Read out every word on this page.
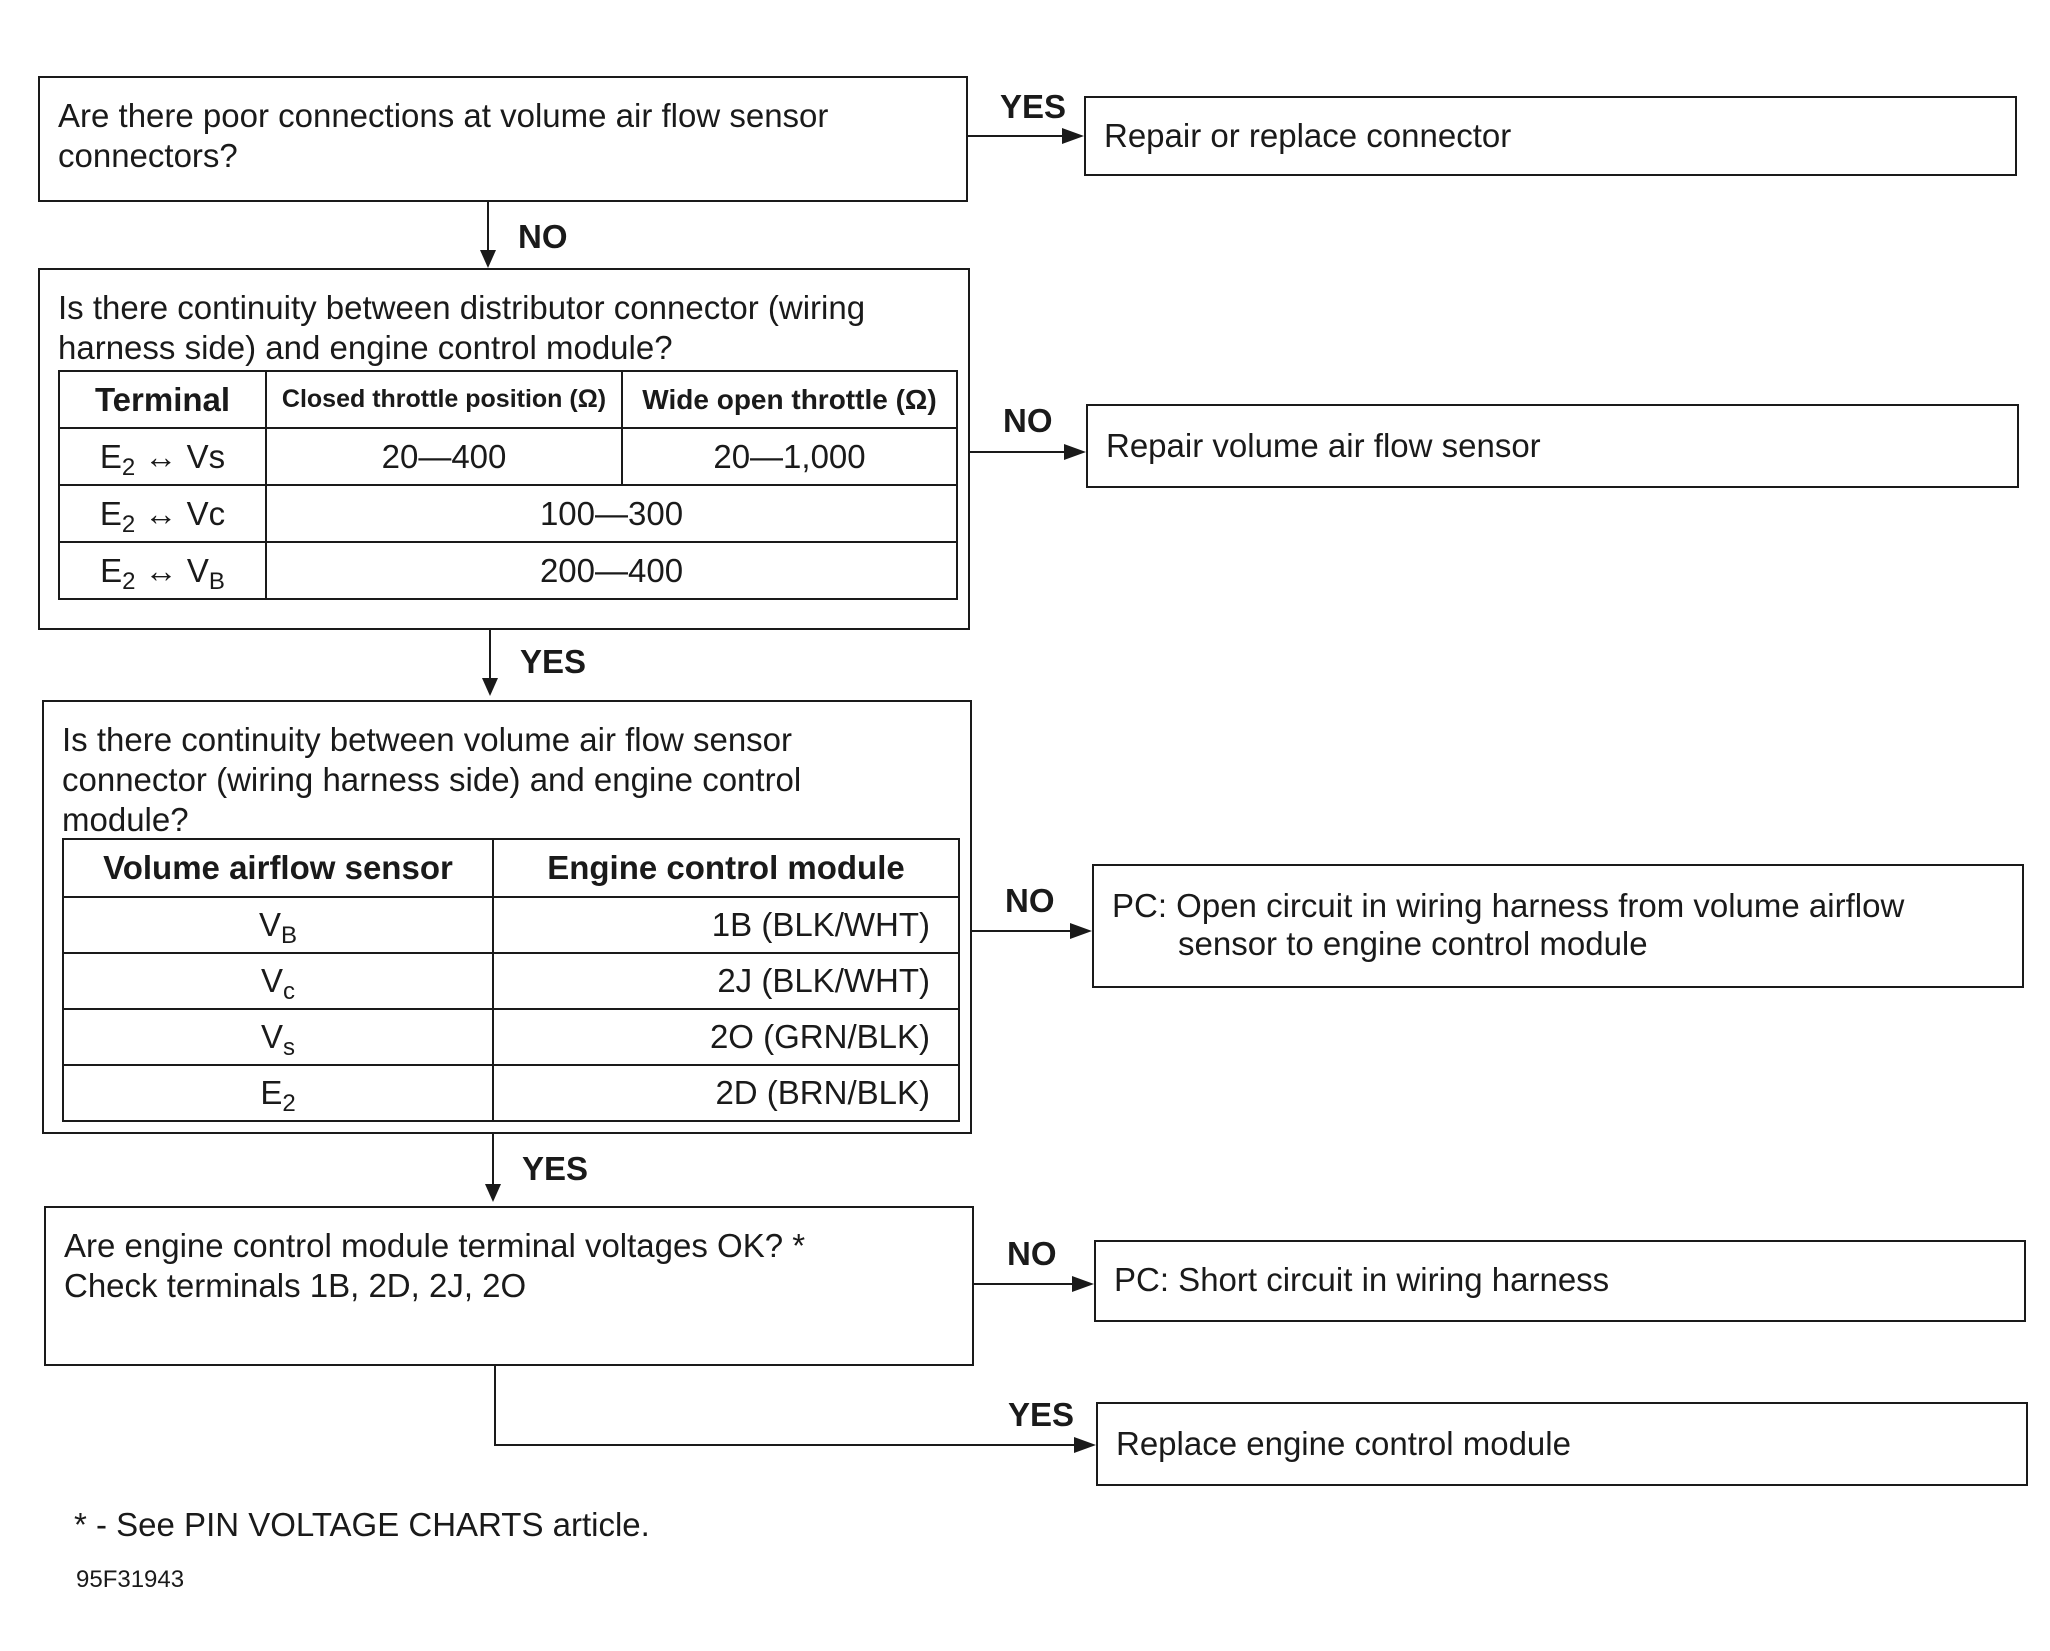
Are there poor connections at volume air flow sensor connectors?
YES
Repair or replace connector
NO
Is there continuity between distributor connector (wiring harness side) and engine control module?
Terminal	Closed throttle position (Ω)	Wide open throttle (Ω)
$E_2$ ↔ Vs	20—400	20—1,000
$E_2$ ↔ Vc	100—300	
$E_2$ ↔ $V_B$	200—400	
NO
Repair volume air flow sensor
YES
Is there continuity between volume air flow sensor connector (wiring harness side) and engine control module?
Volume airflow sensor	Engine control module
$V_B$	1B (BLK/WHT)
$V_c$	2J (BLK/WHT)
$V_s$	2O (GRN/BLK)
$E_2$	2D (BRN/BLK)
NO PC: Open circuit in wiring harness from volume airflow
sensor to engine control module
YES
Are engine control module terminal voltages OK? *
Check terminals 1B, 2D, 2J, 2O
NO
PC: Short circuit in wiring harness
YES
Replace engine control module
* - See PIN VOLTAGE CHARTS article.
95F31943
